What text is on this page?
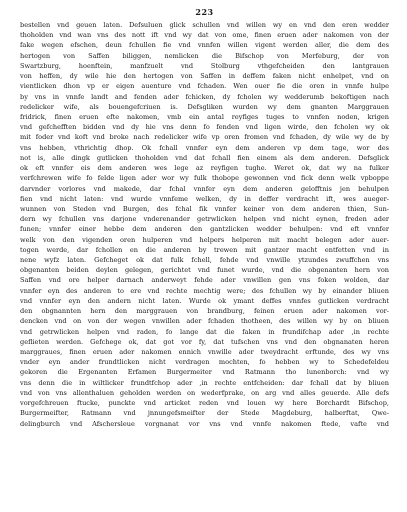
223
bestellen vnd geuen laten. Defsuluen glick schullen vnd willen wy en vnd den eren wedder
thoholden vnd wan vns des nott ift vnd wy dat von ome, finen eruen ader nakomen von der
fake wegen efschen, deun fchullen fie vnd vnnfen willen vigent werden aller, die dem des
hertogen von Saffen biliggen, nemlicken die Bifschop von Merfeburg, der von
Swartzburg, hoenftein, manfzuelt vnd Stolburg vthgefcheiden den lantgrauen
von heffen, dy wile hie den hertogen von Saffen in deffem faken nicht enhelpet, vnd on
vientlicken dhon vp er eigen auenture vnd fchaden. Wen ouer fie die oren in vnnfe hulpe
by vns in vnnfe landt and fenden ader fchicken, dy fcholen wy wedderumb bekoftigen nach
redelicker wife, als bouengefcriuen is. Defsgliken wurden wy dem gnanten Marggrauen
fridrick, finen eruen efte nakomen, vmb ein antal reyfiges tuges to vnnfen noden, krigen
vnd gefchefften bidden vnd dy hie vns denn fo fenden vnd ligen wirde, den fcholen wy ok
mit foder vnd koft vnd broke nach redelicker wife vp oren fromen vnd fchaden, dy wile wy de by
vns hebben, vthrichtig dhop. Ok fchall vnnfer eyn dem anderen vp dem tage, wor des
not is, alle dingk gutlicken thoholden vnd dat fchall fien einem als dem anderen. Defsglick
ok eft vnnfer eis dem anderen wes lege az reyfigen tughe. Weret ok, dat wy na fulker
verfchrewen wife fo felde ligen ader wor wy fulk thobope gewonnen vnd fick denn welk vpboppe
darvnder vorlores vnd makede, dar fchal vnnfer eyn dem anderen gelofftnis jen behulpen
fien vnd nicht laten: vnd wurde vnnfeme welken, dy in deffer verdracht ift, wes aueger-
wunnen von Steden vnd Burgen, des fchal fik vnnfer keiner von dem anderen thien, Sun-
dern wy fchullen vns darjone vnderenander getrwlicken helpen vnd nicht eynen, freden ader
funen; vnnfer einer hebbe dem anderen den gantzlicken wedder behulpen: vnd eft vnnfer
welk von den vigenden oren hulperen vnd helpers helperen mit macht belegen ader auer-
togen werde, dar fchollen en die anderen by trewen mit gantzer macht entfetten vnd in
nene wyfz laten. Gefcheget ok dat fulk fchell, fehde vnd vnwille ytzundes zwuffchen vns
obgenanten beiden deylen gelegen, gerichtet vnd funet wurde, vnd die obgenanten hern von
Saffen vnd ore helper darnach anderweyt fehde ader vnwillen gen vns foken wolden, dar
vnnfer eyn des anderen to ere vnd rechte mechtig were; des fchullen wy by einander bliuen
vnd vnnfer eyn den andern nicht laten. Wurde ok ymant deffes vnnfes gutlicken verdracht
den obgnannten hern den marggrauen von brandburg, feinen eruen ader nakomen vor-
dencken vnd on von der wegen vnwillen ader fchaden thotheen, des willen wy by on bliuen
vnd getrwlicken helpen vnd raden, fo lange dat die faken in frundifchap ader ,in rechte
geflieten werden. Gefchege ok, dat got vor fy, dat tufschen vns vnd den obgnanaten heren
marggraues, finen eruen ader nakomen ennich vnwille ader tweydracht erftunde, des wy vns
vnder eyn ander frundtlicken nicht verdragen mochten, fo hebben wy to Schedefeldeu
gekoren die Ergenanten Erfamen Burgermeiter vnd Ratmann tho lunenborch: vnd wy
vns denn die in wiltlicker frundtfchop ader ,in rechte entfcheiden: dar fchall dat by bliuen
vnd von vns allenthaluen geholden werden on wederfprake, on arg vnd alles geuerde. Alle defs
vorgefchreuen ftucke, punckte vnd articket reden vnd louen wy here Borchardt Bifschop,
Burgermeifter, Ratmann vnd jnnungefsmeifter der Stede Magdeburg, halberftat, Qwe-
delingburch vnd Afschersleue vorgnanat vor vns vnd vnnfe nakomen ftede, vafte vnd
